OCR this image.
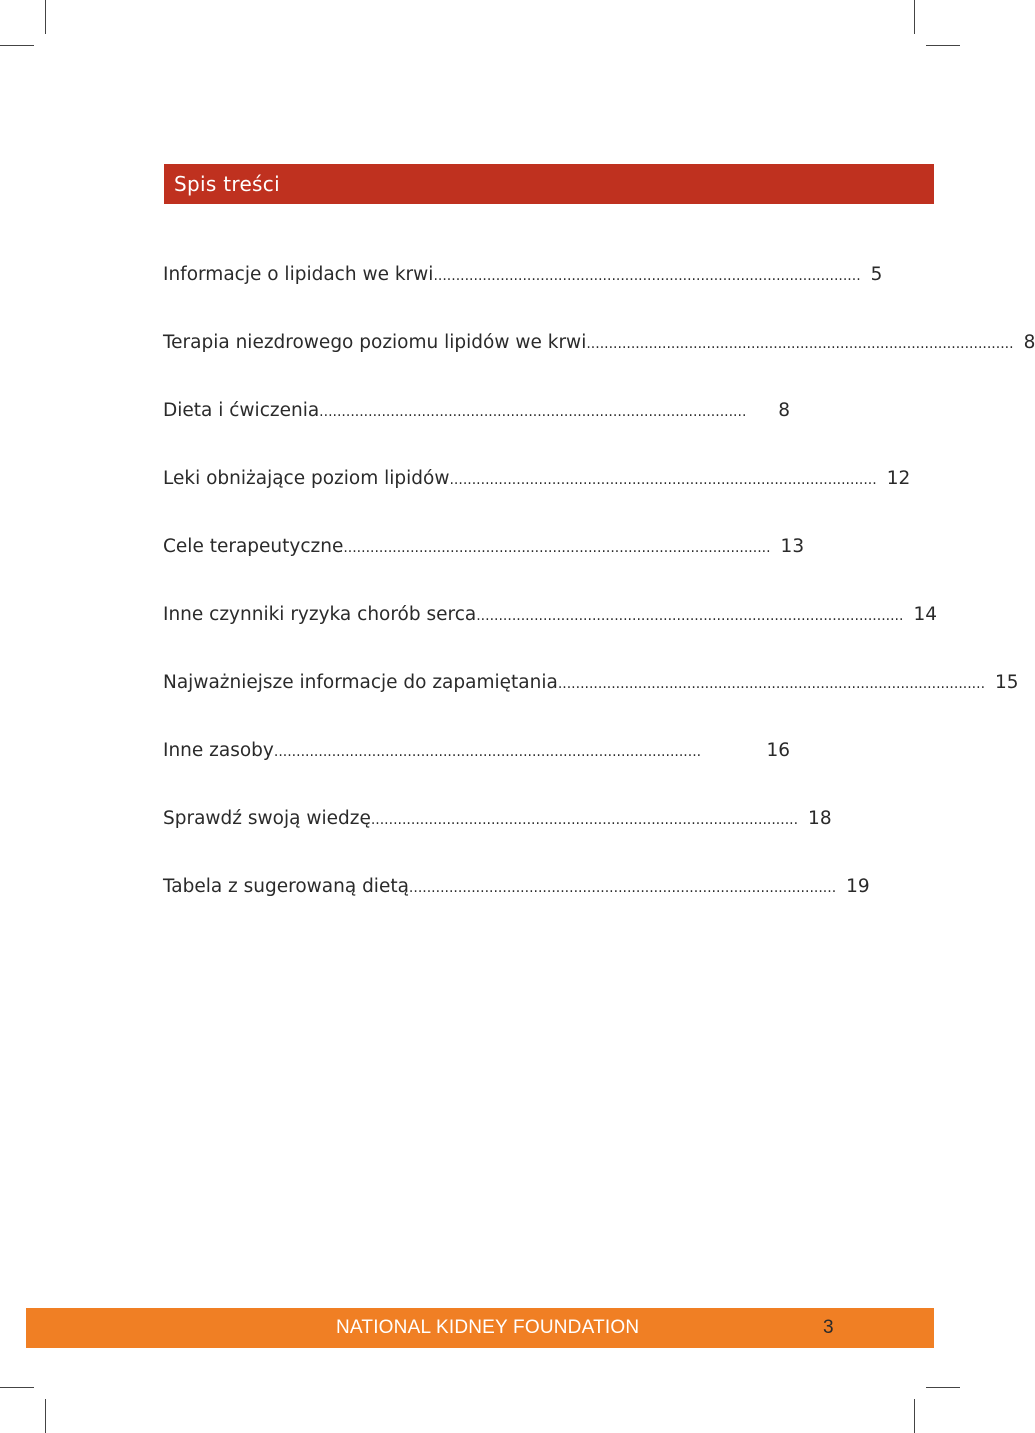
Spis treści
Informacje o lipidach we krwi ................................................................................................ 5
Terapia niezdrowego poziomu lipidów we krwi ................................................................................................ 8
Dieta i ćwiczenia ................................................................................................	8
Leki obniżające poziom lipidów ................................................................................................ 12
Cele terapeutyczne ................................................................................................ 13
Inne czynniki ryzyka chorób serca ................................................................................................ 14
Najważniejsze informacje do zapamiętania ................................................................................................ 15
Inne zasoby ................................................................................................	16
Sprawdź swoją wiedzę ................................................................................................ 18
Tabela z sugerowaną dietą ................................................................................................ 19
NATIONAL KIDNEY FOUNDATION	3
